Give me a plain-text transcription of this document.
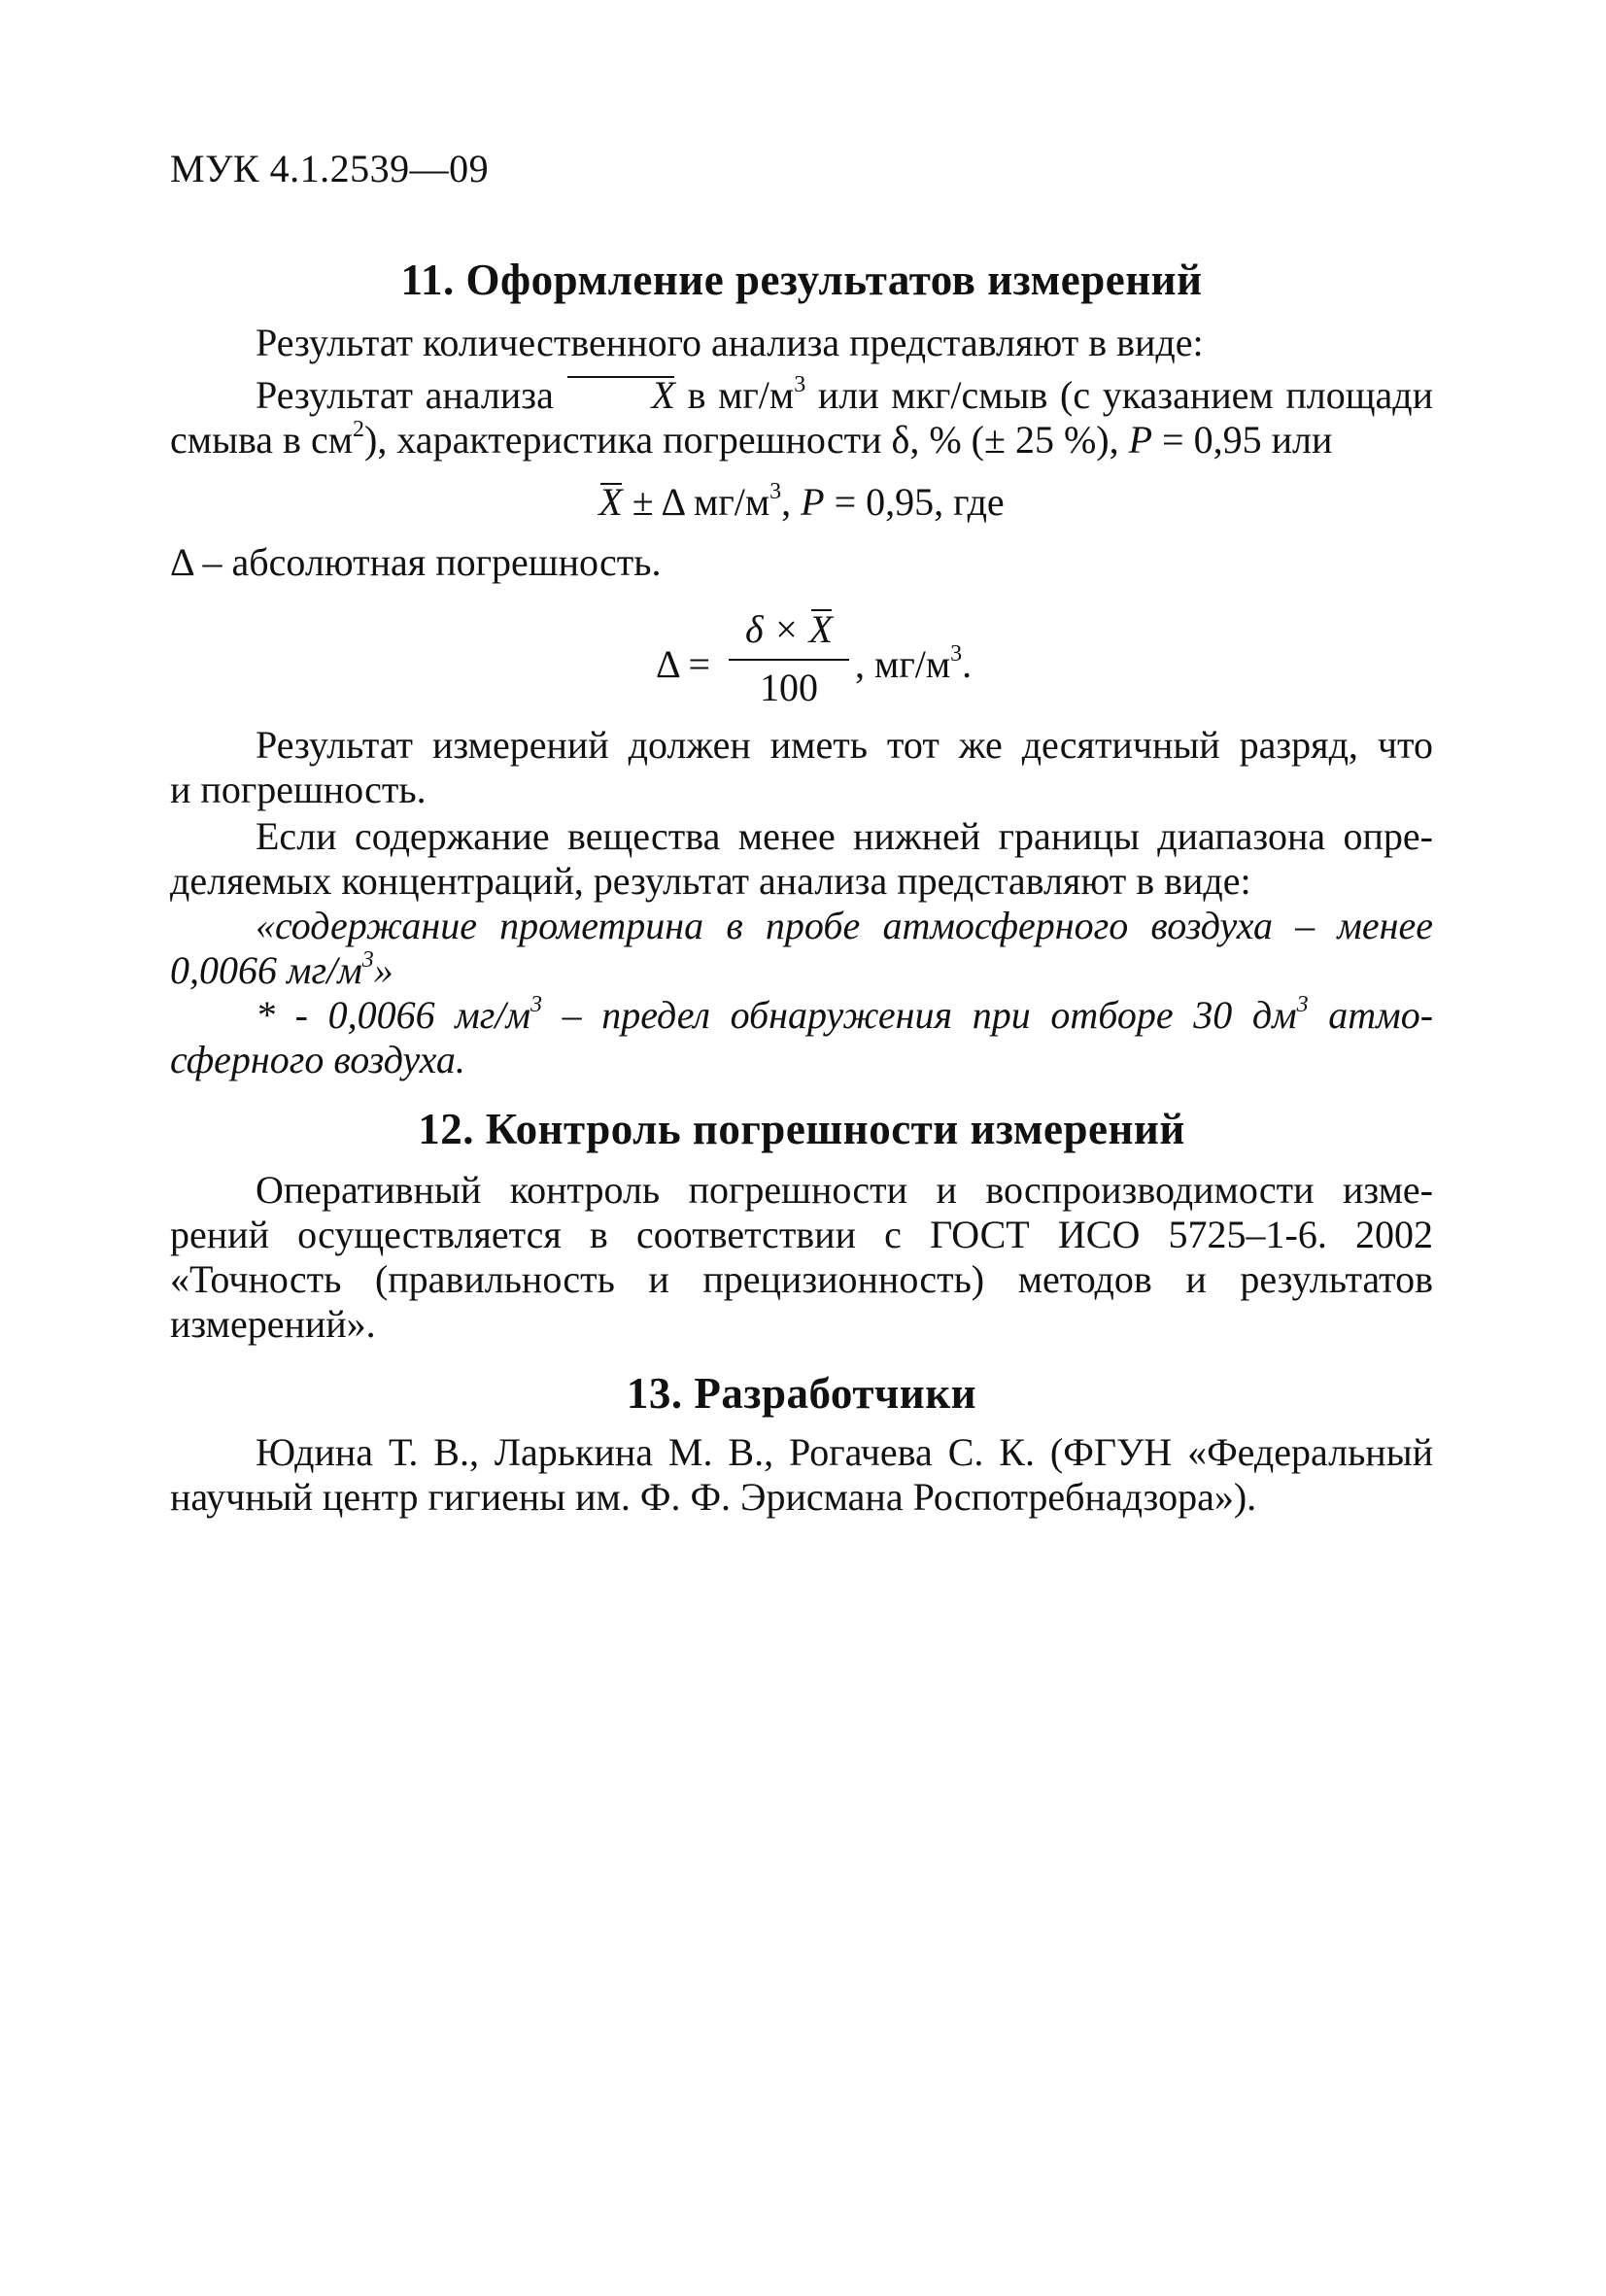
МУК 4.1.2539—09
11. Оформление результатов измерений
Результат количественного анализа представляют в виде:
Результат анализа	X в $мг/м^3$ или мкг/смыв (с указанием площади
смыва в $см^2$), характеристика погрешности δ, % (± 25 %), P = 0,95 или
X ± Δ $мг/м^3$, P = 0,95, где
Δ – абсолютная погрешность.
Δ =
δ × X
100
, $мг/м^3$.
Результат измерений должен иметь тот же десятичный разряд, что
и погрешность.
Если содержание вещества менее нижней границы диапазона опре-
деляемых концентраций, результат анализа представляют в виде:
«содержание прометрина в пробе атмосферного воздуха – менее
0,0066 $мг/м^3$»
* - 0,0066 $мг/м^3$ – предел обнаружения при отборе 30 $дм^3$ атмо-
сферного воздуха.
12. Контроль погрешности измерений
Оперативный контроль погрешности и воспроизводимости изме-
рений осуществляется в соответствии с ГОСТ ИСО 5725–1-6. 2002
«Точность (правильность и прецизионность) методов и результатов
измерений».
13. Разработчики
Юдина Т. В., Ларькина М. В., Рогачева С. К. (ФГУН «Федеральный
научный центр гигиены им. Ф. Ф. Эрисмана Роспотребнадзора»).
